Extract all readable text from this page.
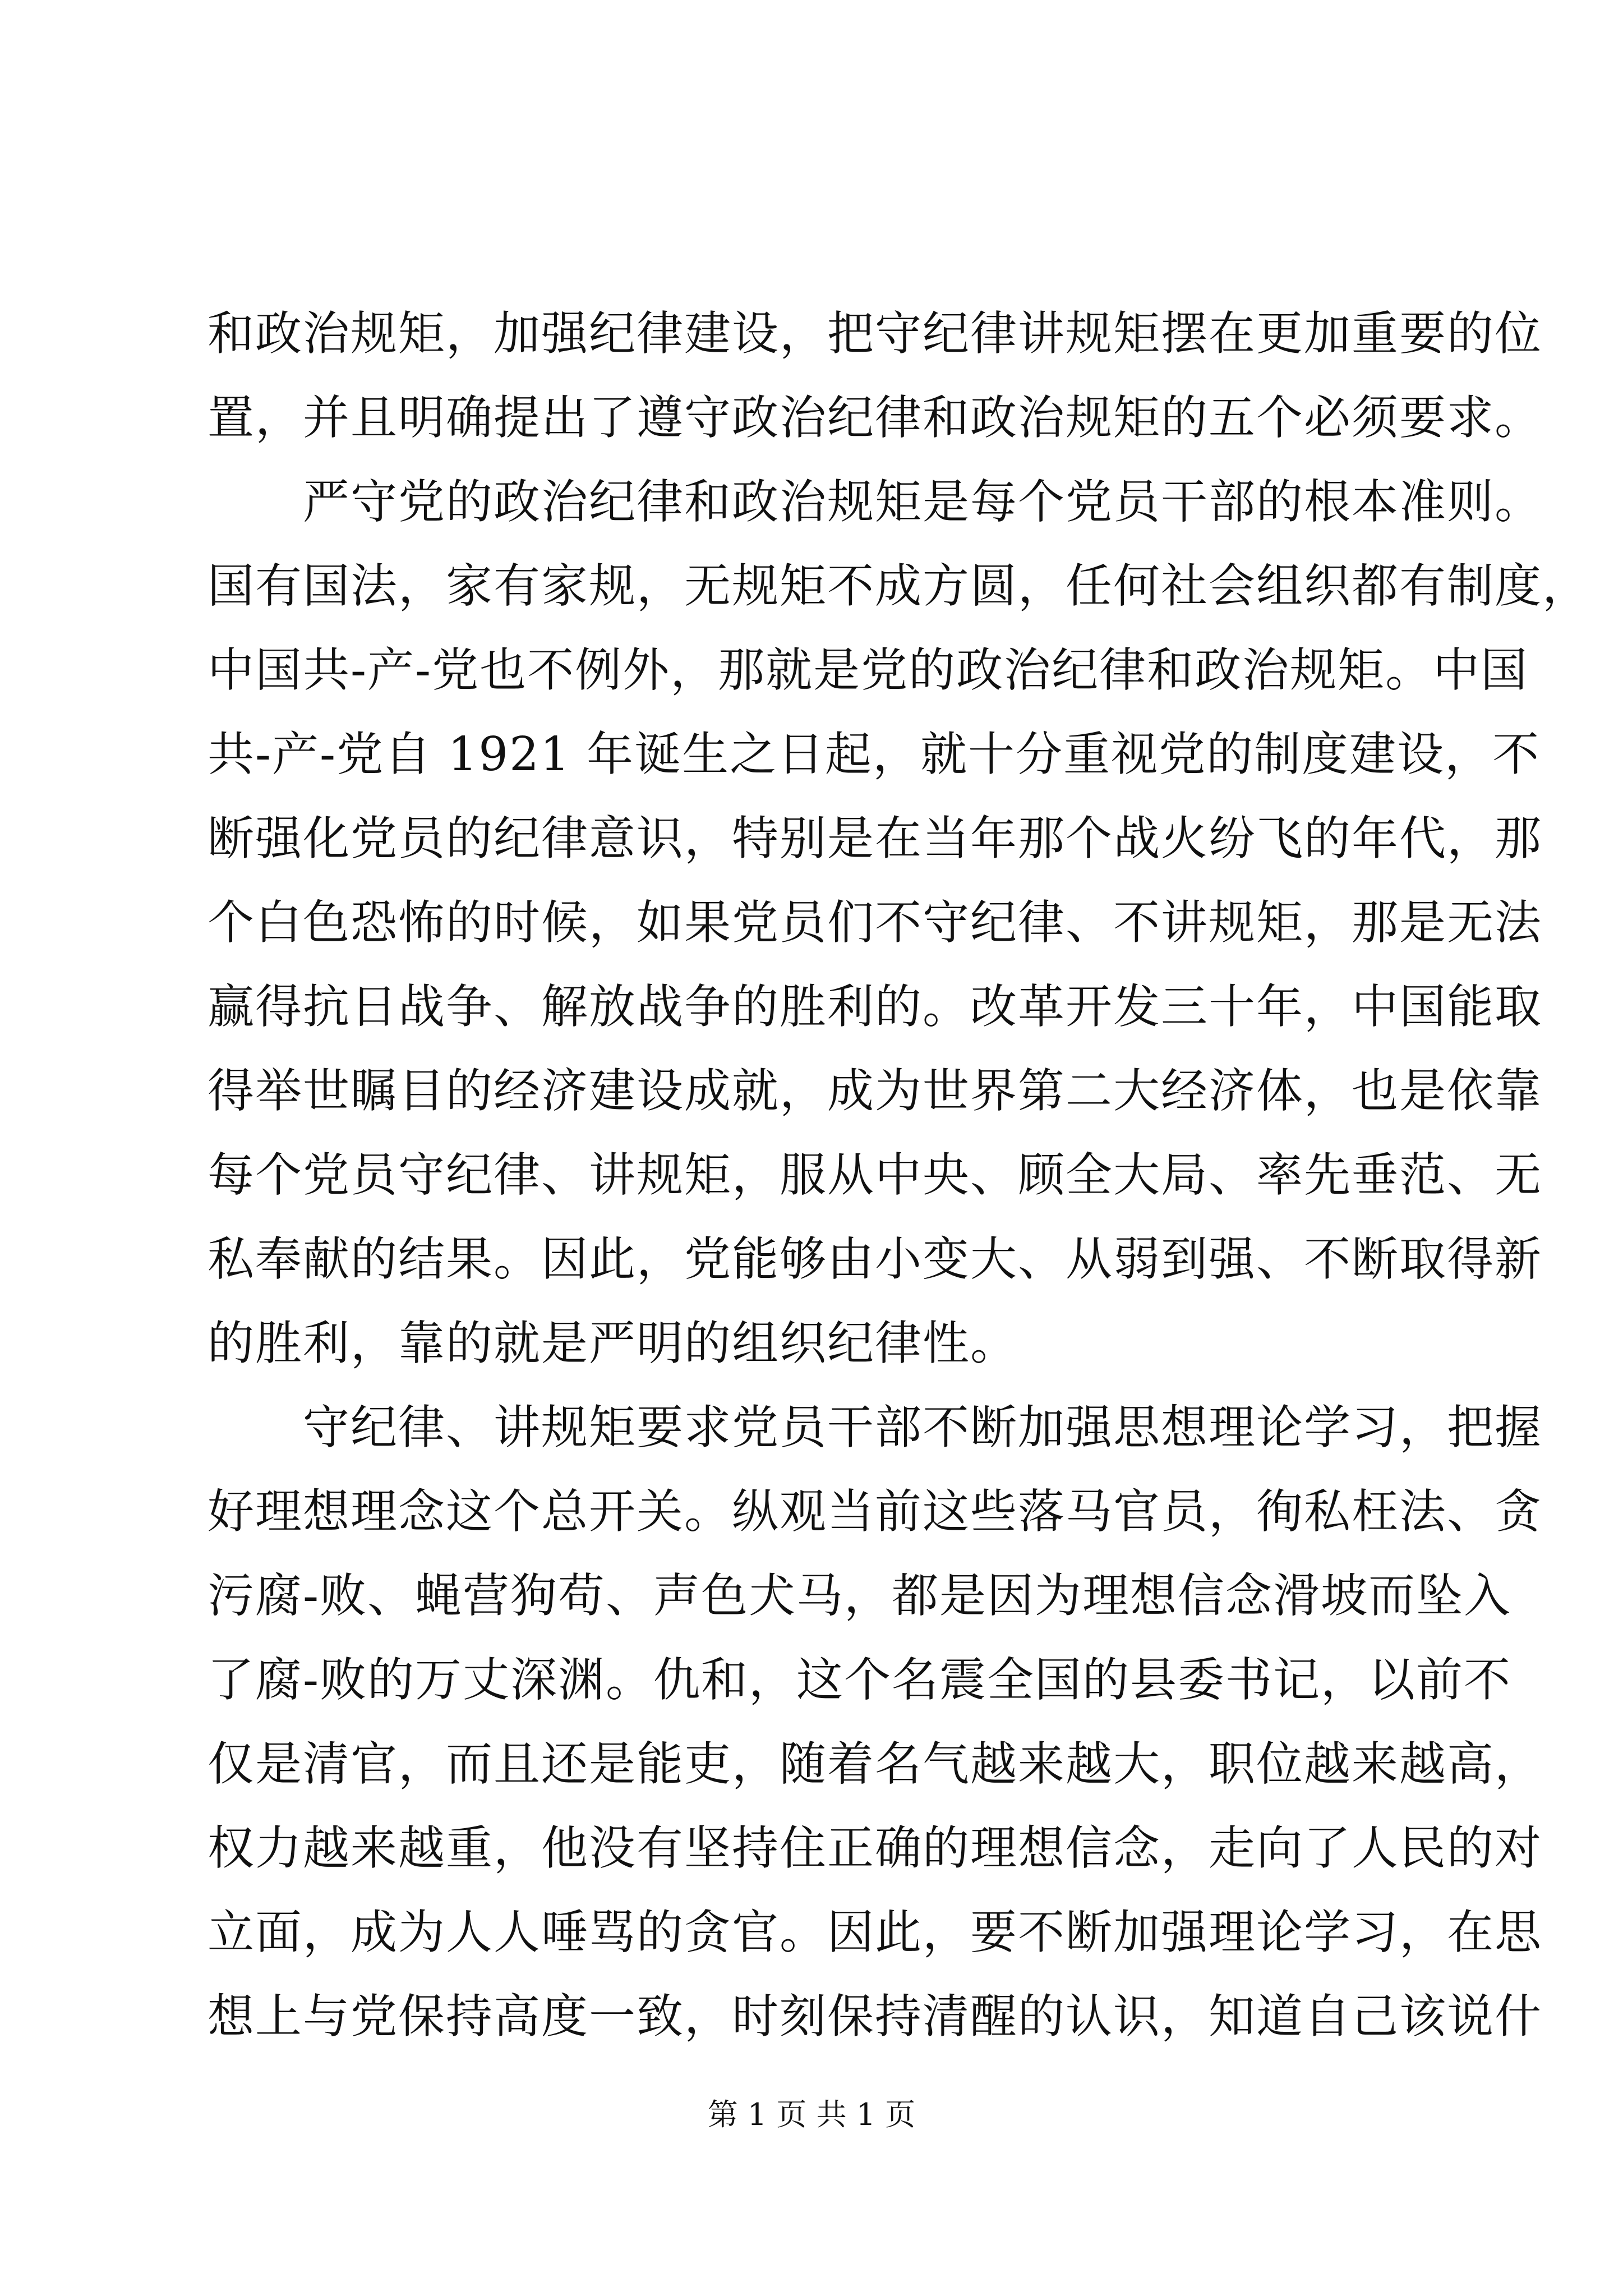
和政治规矩，加强纪律建设，把守纪律讲规矩摆在更加重要的位
置，并且明确提出了遵守政治纪律和政治规矩的五个必须要求。
　　严守党的政治纪律和政治规矩是每个党员干部的根本准则。
国有国法，家有家规，无规矩不成方圆，任何社会组织都有制度，
中国共-产-党也不例外，那就是党的政治纪律和政治规矩。中国
共-产-党自 1921 年诞生之日起，就十分重视党的制度建设，不
断强化党员的纪律意识，特别是在当年那个战火纷飞的年代，那
个白色恐怖的时候，如果党员们不守纪律、不讲规矩，那是无法
赢得抗日战争、解放战争的胜利的。改革开发三十年，中国能取
得举世瞩目的经济建设成就，成为世界第二大经济体，也是依靠
每个党员守纪律、讲规矩，服从中央、顾全大局、率先垂范、无
私奉献的结果。因此，党能够由小变大、从弱到强、不断取得新
的胜利，靠的就是严明的组织纪律性。
　　守纪律、讲规矩要求党员干部不断加强思想理论学习，把握
好理想理念这个总开关。纵观当前这些落马官员，徇私枉法、贪
污腐-败、蝇营狗苟、声色犬马，都是因为理想信念滑坡而坠入
了腐-败的万丈深渊。仇和，这个名震全国的县委书记，以前不
仅是清官，而且还是能吏，随着名气越来越大，职位越来越高，
权力越来越重，他没有坚持住正确的理想信念，走向了人民的对
立面，成为人人唾骂的贪官。因此，要不断加强理论学习，在思
想上与党保持高度一致，时刻保持清醒的认识，知道自己该说什
第 1 页 共 1 页
